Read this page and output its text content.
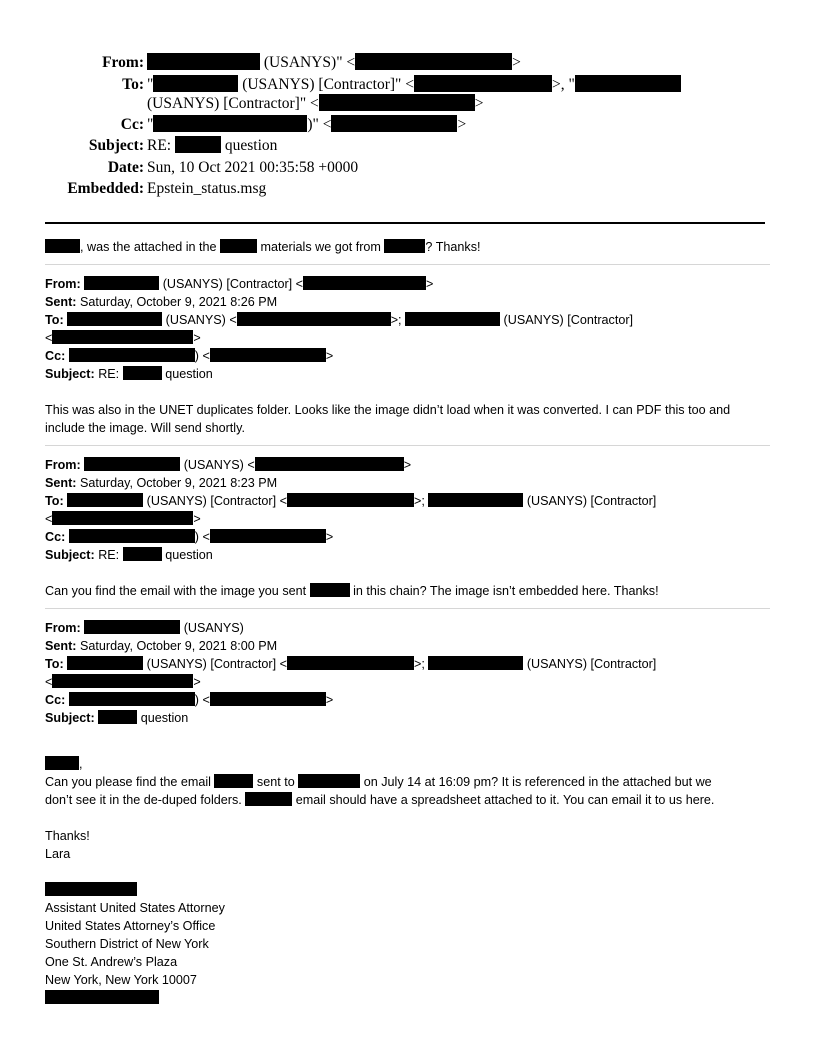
From:	(USANYS)" <	>
To: "	(USANYS) [Contractor]" <	>, "
(USANYS) [Contractor]" <	>
Cc: "	)" <	>
Subject: RE:	question
Date: Sun, 10 Oct 2021 00:35:58 +0000
Embedded: Epstein_status.msg
, was the attached in the	materials we got from	? Thanks!
From:	(USANYS) [Contractor] <	>
Sent: Saturday, October 9, 2021 8:26 PM
To:	(USANYS) <	>;	(USANYS) [Contractor]
<	>
Cc:	) <	>
Subject: RE:	question
This was also in the UNET duplicates folder. Looks like the image didn’t load when it was converted. I can PDF this too and include the image. Will send shortly.
From:	(USANYS) <	>
Sent: Saturday, October 9, 2021 8:23 PM
To:	(USANYS) [Contractor] <	>;	(USANYS) [Contractor]
<	>
Cc:	) <	>
Subject: RE:	question
Can you find the email with the image you sent	in this chain? The image isn’t embedded here. Thanks!
From:	(USANYS)
Sent: Saturday, October 9, 2021 8:00 PM
To:	(USANYS) [Contractor] <	>;	(USANYS) [Contractor]
<	>
Cc:	) <	>
Subject:	question
,
Can you please find the email	sent to	on July 14 at 16:09 pm? It is referenced in the attached but we
don’t see it in the de-duped folders.	email should have a spreadsheet attached to it. You can email it to us here.
Thanks!
Lara
Assistant United States Attorney
United States Attorney’s Office
Southern District of New York
One St. Andrew’s Plaza
New York, New York 10007
